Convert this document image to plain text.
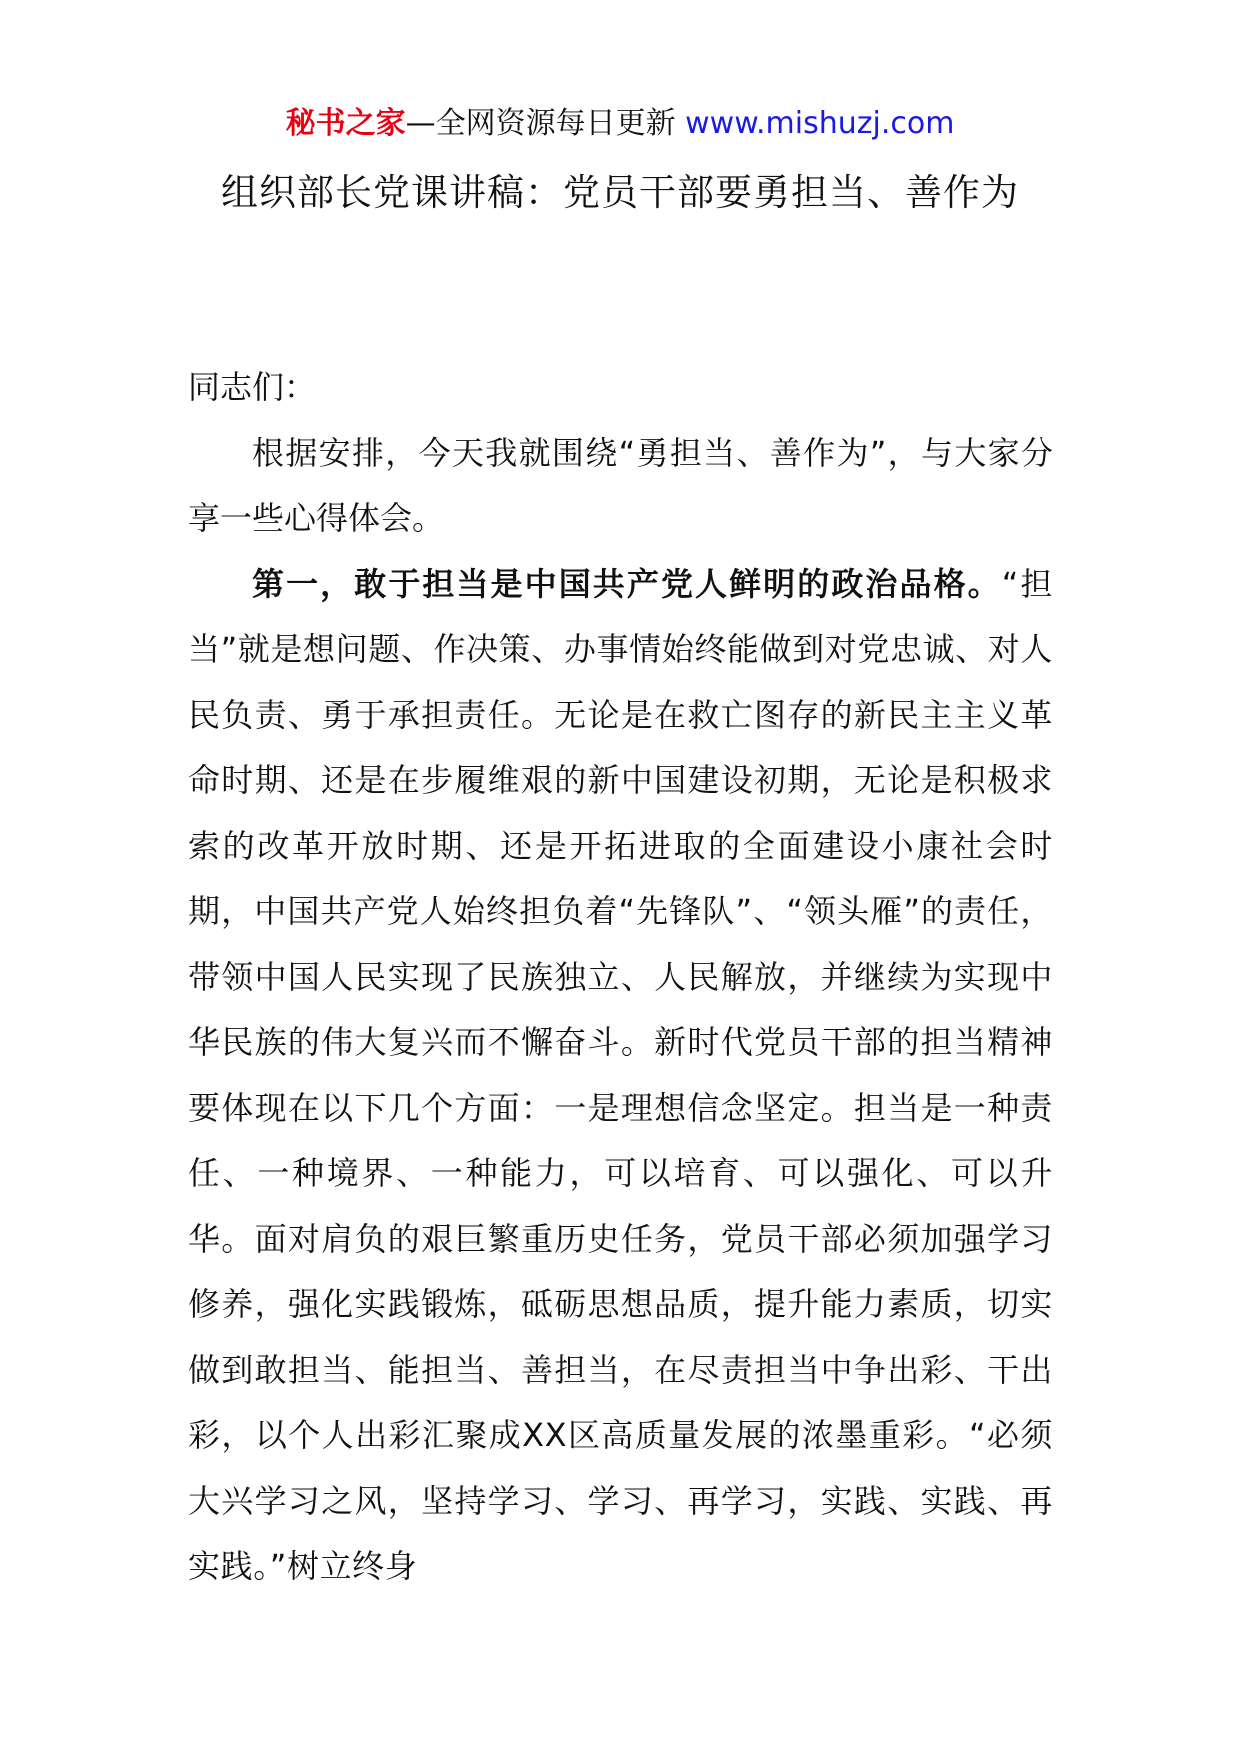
秘书之家—全网资源每日更新 www.mishuzj.com
组织部长党课讲稿：党员干部要勇担当、善作为

同志们：

根据安排，今天我就围绕“勇担当、善作为”，与大家分享一些心得体会。

第一，敢于担当是中国共产党人鲜明的政治品格。“担当”就是想问题、作决策、办事情始终能做到对党忠诚、对人民负责、勇于承担责任。无论是在救亡图存的新民主主义革命时期、还是在步履维艰的新中国建设初期，无论是积极求索的改革开放时期、还是开拓进取的全面建设小康社会时期，中国共产党人始终担负着“先锋队”、“领头雁”的责任，带领中国人民实现了民族独立、人民解放，并继续为实现中华民族的伟大复兴而不懈奋斗。新时代党员干部的担当精神要体现在以下几个方面：一是理想信念坚定。担当是一种责任、一种境界、一种能力，可以培育、可以强化、可以升华。面对肩负的艰巨繁重历史任务，党员干部必须加强学习修养，强化实践锻炼，砥砺思想品质，提升能力素质，切实做到敢担当、能担当、善担当，在尽责担当中争出彩、干出彩，以个人出彩汇聚成XX区高质量发展的浓墨重彩。“必须大兴学习之风，坚持学习、学习、再学习，实践、实践、再实践。”树立终身
